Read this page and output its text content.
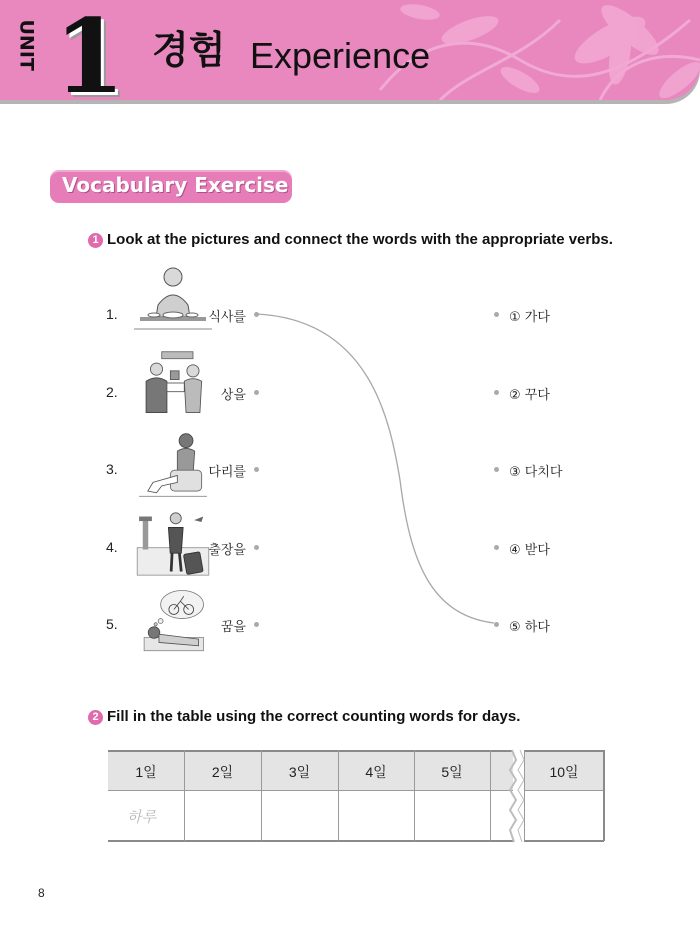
UNIT 1 경험 Experience
Vocabulary Exercise
1 Look at the pictures and connect the words with the appropriate verbs.
1.
2.
3.
4.
5.
식사를
상을
다리를
출장을
꿈을
① 가다
② 꾸다
③ 다치다
④ 받다
⑤ 하다
2 Fill in the table using the correct counting words for days.
1일	2일	3일	4일	5일	10일
하루
8
